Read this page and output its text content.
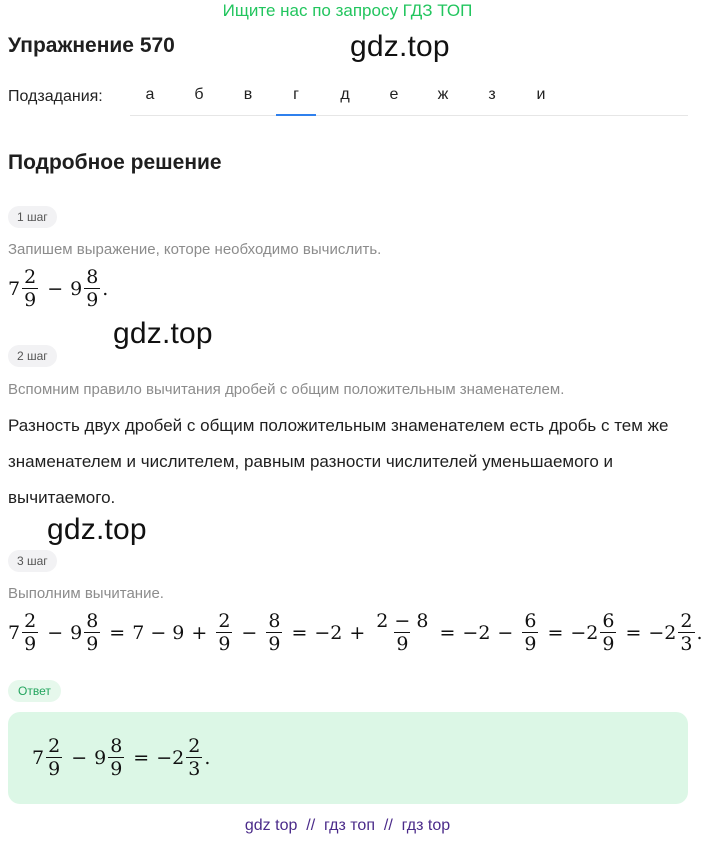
Ищите нас по запросу ГДЗ ТОП
Упражнение 570	gdz.top
gdz.top
gdz.top
Подзадания:	а	б	в	г	д	е	ж	з	и
Подробное решение
1 шаг
Запишем выражение, которе необходимо вычислить.
$7 \frac{2}{9} - 9 \frac{8}{9}$ .
2 шаг
Вспомним правило вычитания дробей с общим положительным знаменателем.
Разность двух дробей с общим положительным знаменателем есть дробь с тем же знаменателем и числителем, равным разности числителей уменьшаемого и вычитаемого.
3 шаг
Выполним вычитание.
$7 \frac{2}{9} - 9 \frac{8}{9} = 7 - 9 + \frac{2}{9} - \frac{8}{9} = -2 + \frac{2 - 8}{9} = -2 - \frac{6}{9} = -2 \frac{6}{9} = -2 \frac{2}{3}$ .
Ответ
$7 \frac{2}{9} - 9 \frac{8}{9} = -2 \frac{2}{3}$ .
gdz top  //  гдз топ  //  гдз top
